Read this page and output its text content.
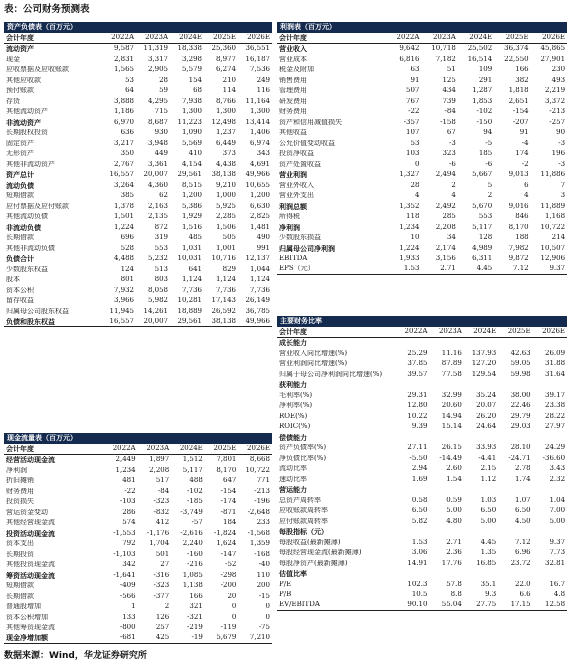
表：公司财务预测表
资产负债表（百万元）
会计年度	2022A	2023A	2024E	2025E	2026E
流动资产	9,587	11,319	18,338	25,360	36,551
现金	2,831	3,317	3,298	8,977	16,187
应收票据及应收账款	1,565	2,905	5,579	6,274	7,536
其他应收款	53	28	154	210	249
预付账款	64	59	68	114	116
存货	3,888	4,295	7,938	8,766	11,164
其他流动资产	1,186	715	1,300	1,300	1,300
非流动资产	6,970	8,687	11,223	12,498	13,414
长期股权投资	636	930	1,090	1,237	1,406
固定资产	3,217	3,948	5,569	6,449	6,974
无形资产	350	449	410	373	343
其他非流动资产	2,767	3,361	4,154	4,438	4,691
资产总计	16,557	20,007	29,561	38,138	49,966
流动负债	3,264	4,360	8,515	9,210	10,655
短期借款	385	62	1,200	1,000	1,200
应付票据及应付账款	1,378	2,163	5,386	5,925	6,630
其他流动负债	1,501	2,135	1,929	2,285	2,825
非流动负债	1,224	872	1,516	1,506	1,481
长期借款	696	319	485	505	490
其他非流动负债	528	553	1,031	1,001	991
负债合计	4,488	5,232	10,031	10,716	12,137
少数股东权益	124	513	641	829	1,044
股本	801	803	1,124	1,124	1,124
资本公积	7,932	8,058	7,736	7,736	7,736
留存收益	3,966	5,982	10,281	17,143	26,149
归属母公司股东权益	11,945	14,261	18,889	26,592	36,785
负债和股东权益	16,557	20,007	29,561	38,138	49,966
利润表（百万元）
会计年度	2022A	2023A	2024E	2025E	2026E
营业收入	9,642	10,718	25,502	36,374	45,865
营业成本	6,816	7,182	16,514	22,550	27,901
税金及附加	63	51	109	166	230
销售费用	91	125	291	382	493
管理费用	507	434	1,287	1,818	2,219
研发费用	767	739	1,853	2,651	3,372
财务费用	-22	-84	-102	-154	-213
资产和信用减值损失	-357	-158	-150	-207	-257
其他收益	107	67	94	91	90
公允价值变动收益	53	-3	-5	-4	-3
投资净收益	103	323	185	174	196
资产处置收益	0	-6	-6	-2	-3
营业利润	1,327	2,494	5,667	9,013	11,886
营业外收入	28	2	5	6	7
营业外支出	4	4	2	4	3
利润总额	1,352	2,492	5,670	9,016	11,889
所得税	118	285	553	846	1,168
净利润	1,234	2,208	5,117	8,170	10,722
少数股东损益	10	34	128	188	214
归属母公司净利润	1,224	2,174	4,989	7,982	10,507
EBITDA	1,933	3,156	6,311	9,872	12,906
EPS（元）	1.53	2.71	4.45	7.12	9.37
主要财务比率
会计年度	2022A	2023A	2024E	2025E	2026E
成长能力
营业收入同比增速(%)	25.29	11.16	137.93	42.63	26.09
营业利润同比增速(%)	37.85	87.89	127.20	59.05	31.88
归属于母公司净利润同比增速(%)	39.57	77.58	129.54	59.98	31.64
获利能力
毛利率(%)	29.31	32.99	35.24	38.00	39.17
净利率(%)	12.80	20.60	20.07	22.46	23.38
ROE(%)	10.22	14.94	26.20	29.79	28.22
ROIC(%)	9.39	15.14	24.64	29.03	27.97
偿债能力
资产负债率(%)	27.11	26.15	33.93	28.10	24.29
净负债比率(%)	-5.50	-14.49	-4.41	-24.71	-36.60
流动比率	2.94	2.60	2.15	2.78	3.43
速动比率	1.69	1.54	1.12	1.74	2.32
营运能力
总资产周转率	0.58	0.59	1.03	1.07	1.04
应收账款周转率	6.50	5.00	6.50	6.50	7.00
应付账款周转率	5.82	4.80	5.00	4.50	5.00
每股指标（元）
每股收益(最新摊薄)	1.53	2.71	4.45	7.12	9.37
每股经营现金流(最新摊薄)	3.06	2.36	1.35	6.96	7.73
每股净资产(最新摊薄)	14.91	17.76	16.85	23.72	32.81
估值比率
P/E	102.3	57.8	35.1	22.0	16.7
P/B	10.5	8.8	9.3	6.6	4.8
EV/EBITDA	90.10	55.04	27.75	17.15	12.58
现金流量表（百万元）
会计年度	2022A	2023A	2024E	2025E	2026E
经营活动现金流	2,449	1,897	1,512	7,801	8,668
净利润	1,234	2,208	5,117	8,170	10,722
折旧摊销	481	517	488	647	771
财务费用	-22	-84	-102	-154	-213
投资损失	-103	-323	-185	-174	-196
营运资金变动	286	-832	-3,749	-871	-2,648
其他经营现金流	574	412	-57	184	233
投资活动现金流	-1,553	-1,176	-2,616	-1,824	-1,568
资本支出	792	1,704	2,240	1,624	1,359
长期投资	-1,103	501	-160	-147	-168
其他投资现金流	342	27	-216	-52	-40
筹资活动现金流	-1,641	-316	1,085	-298	110
短期借款	-409	-323	1,138	-200	200
长期借款	-566	-377	166	20	-15
普通股增加	1	2	321	0	0
资本公积增加	133	126	-321	0	0
其他筹资现金流	-800	257	-219	-119	-75
现金净增加额	-681	425	-19	5,679	7,210
数据来源：Wind，华龙证券研究所
